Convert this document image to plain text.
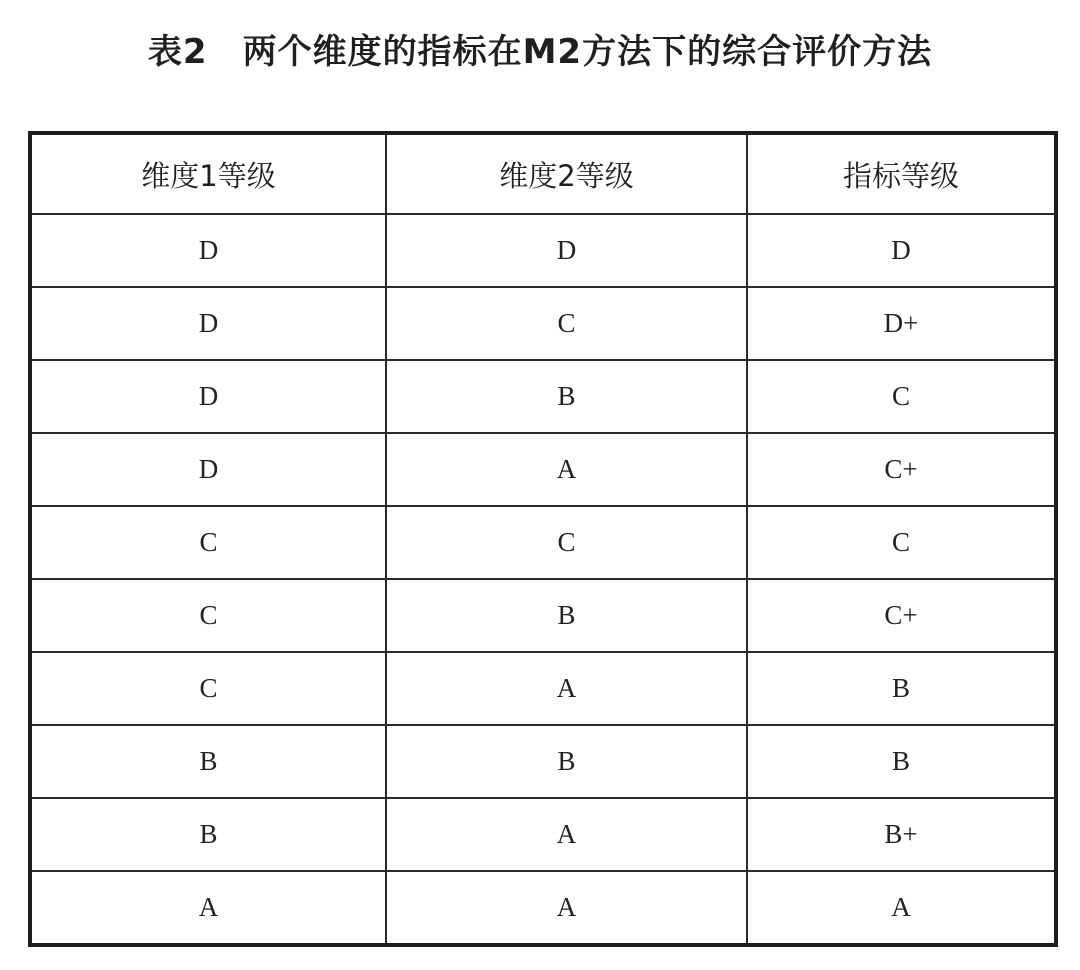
表2　两个维度的指标在M2方法下的综合评价方法
维度1等级	维度2等级	指标等级
D	D	D
D	C	D+
D	B	C
D	A	C+
C	C	C
C	B	C+
C	A	B
B	B	B
B	A	B+
A	A	A
